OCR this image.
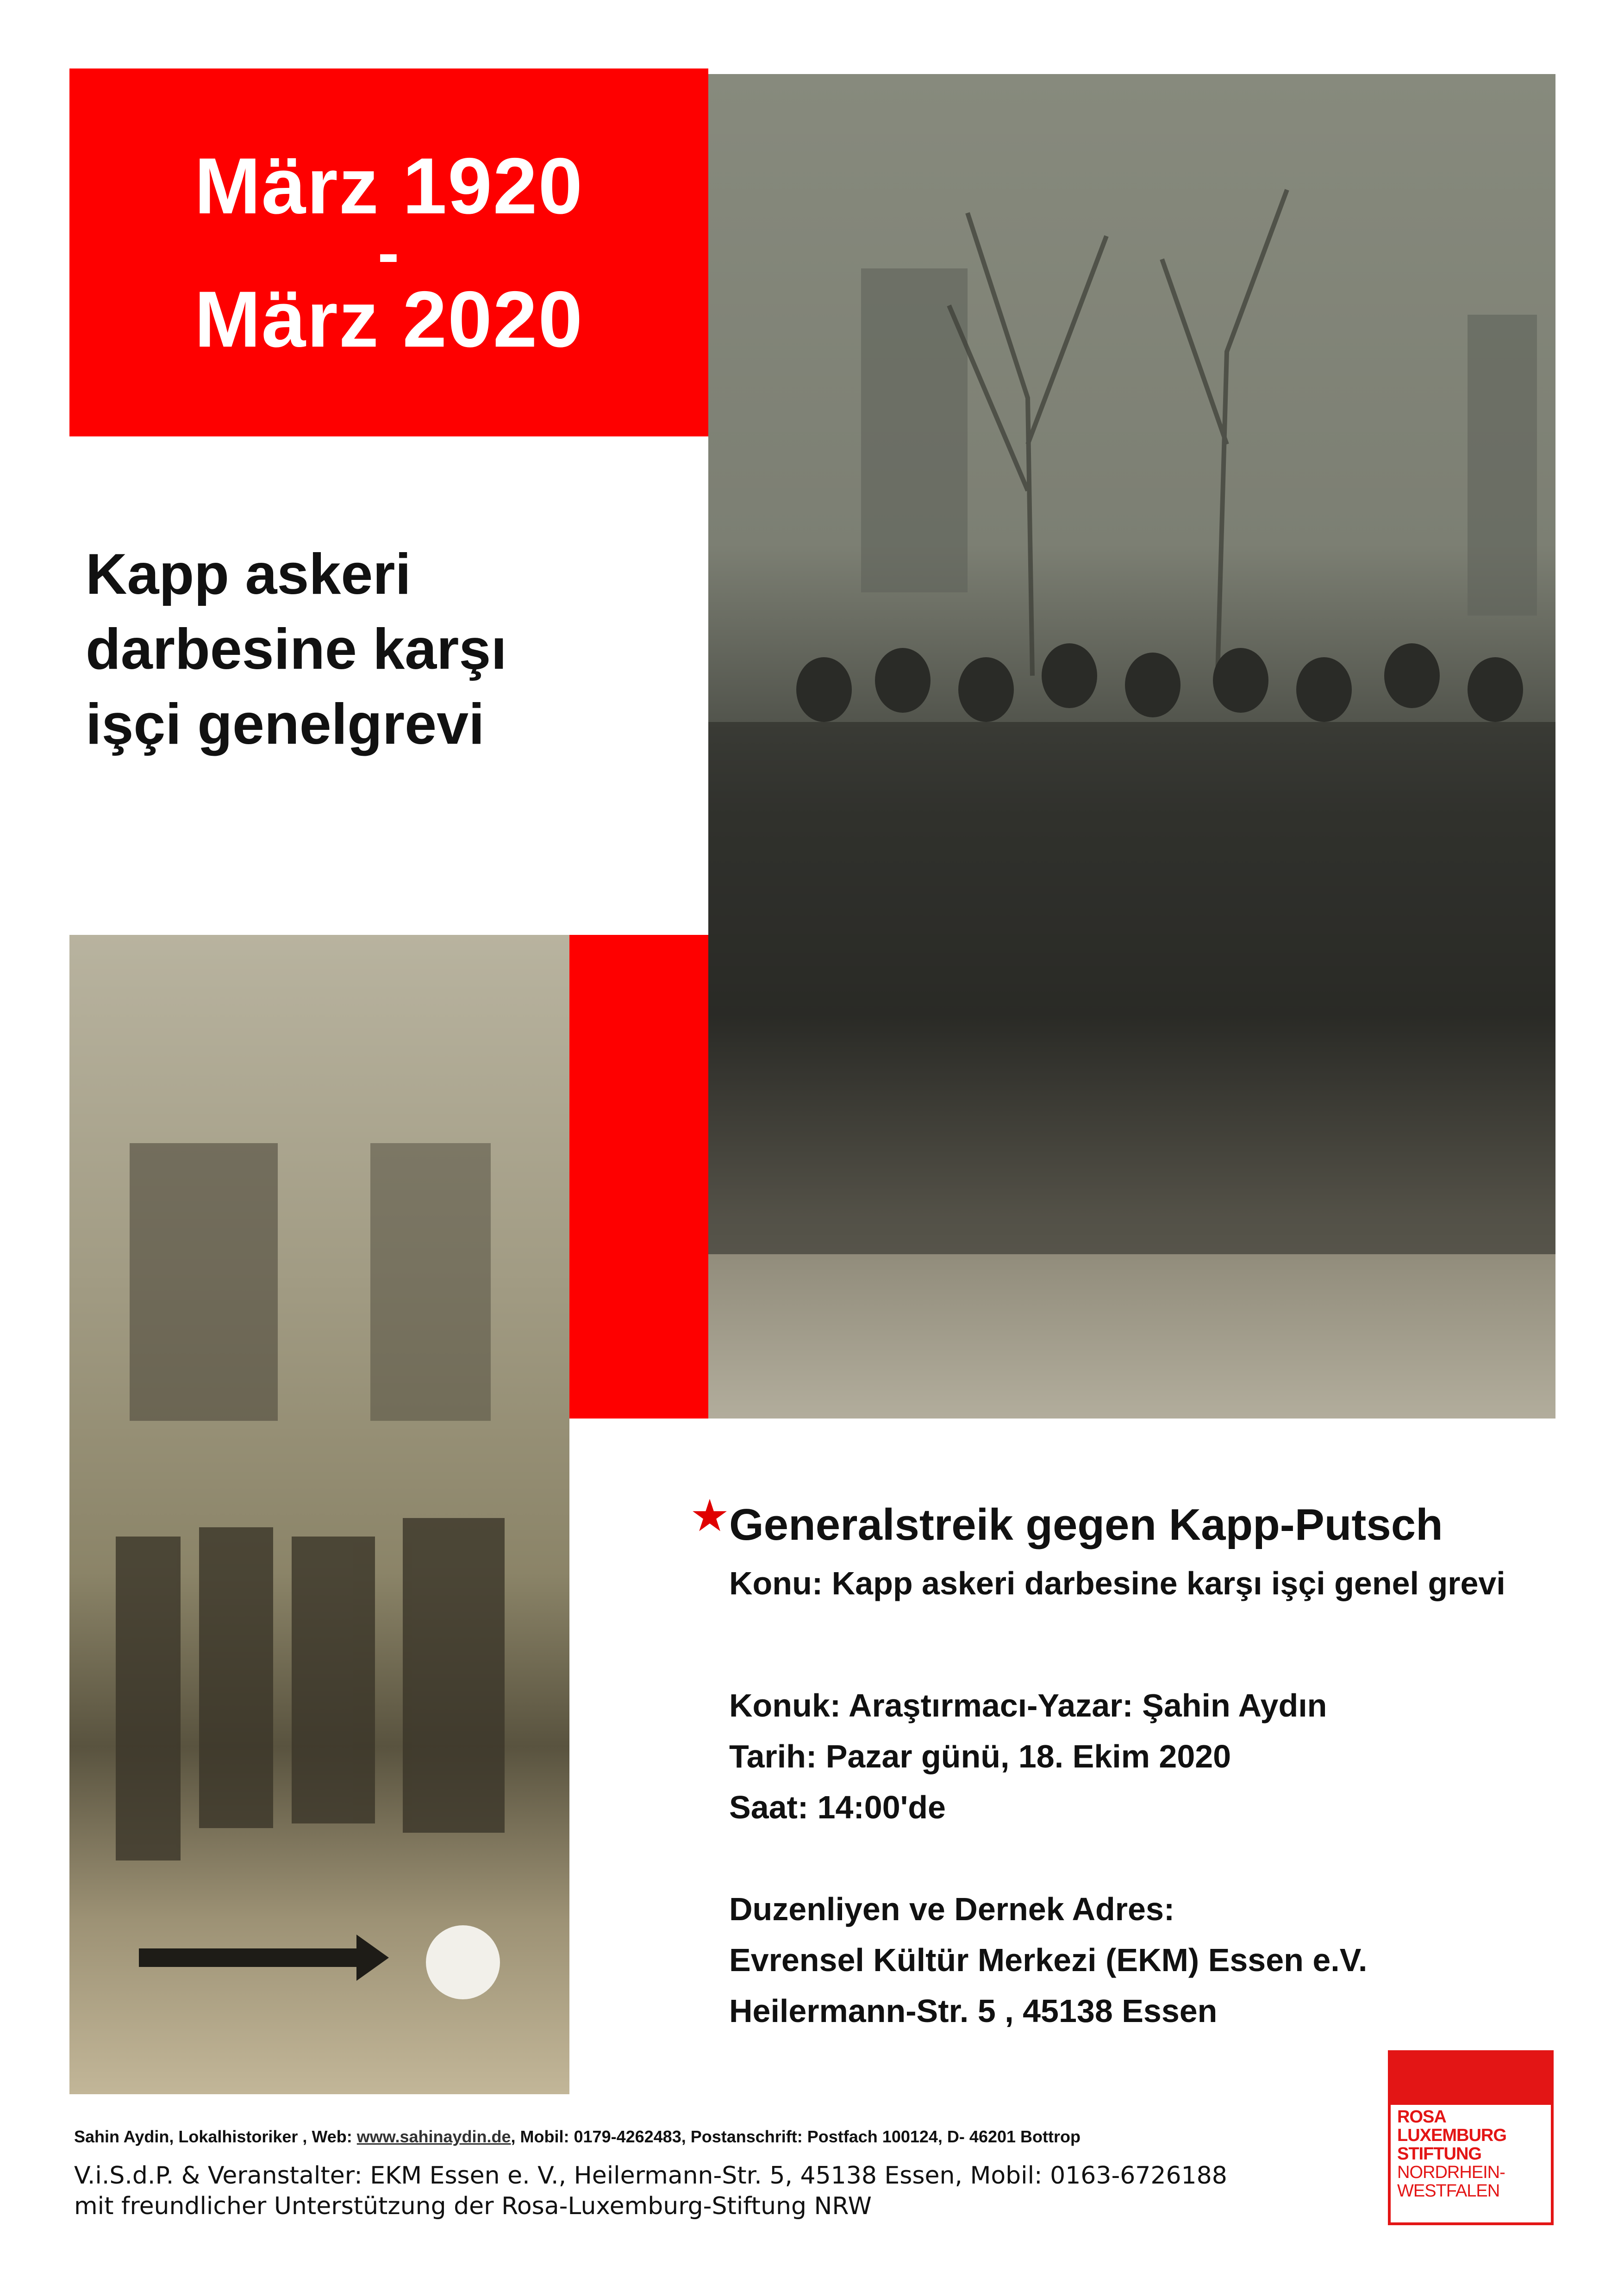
März 1920
-
März 2020
Kapp askeri
darbesine karşı
işçi genelgrevi
★
Generalstreik gegen Kapp-Putsch
Konu: Kapp askeri darbesine karşı işçi genel grevi
Konuk: Araştırmacı-Yazar: Şahin Aydın
Tarih: Pazar günü, 18. Ekim 2020
Saat: 14:00'de
Duzenliyen ve Dernek Adres:
Evrensel Kültür Merkezi (EKM) Essen e.V.
Heilermann-Str. 5 , 45138 Essen
Sahin Aydin, Lokalhistoriker , Web: www.sahinaydin.de, Mobil: 0179-4262483, Postanschrift: Postfach 100124, D- 46201 Bottrop
V.i.S.d.P. & Veranstalter: EKM Essen e. V., Heilermann-Str. 5, 45138 Essen, Mobil: 0163-6726188
mit freundlicher Unterstützung der Rosa-Luxemburg-Stiftung NRW
ROSA
LUXEMBURG
STIFTUNG
NORDRHEIN-
WESTFALEN
